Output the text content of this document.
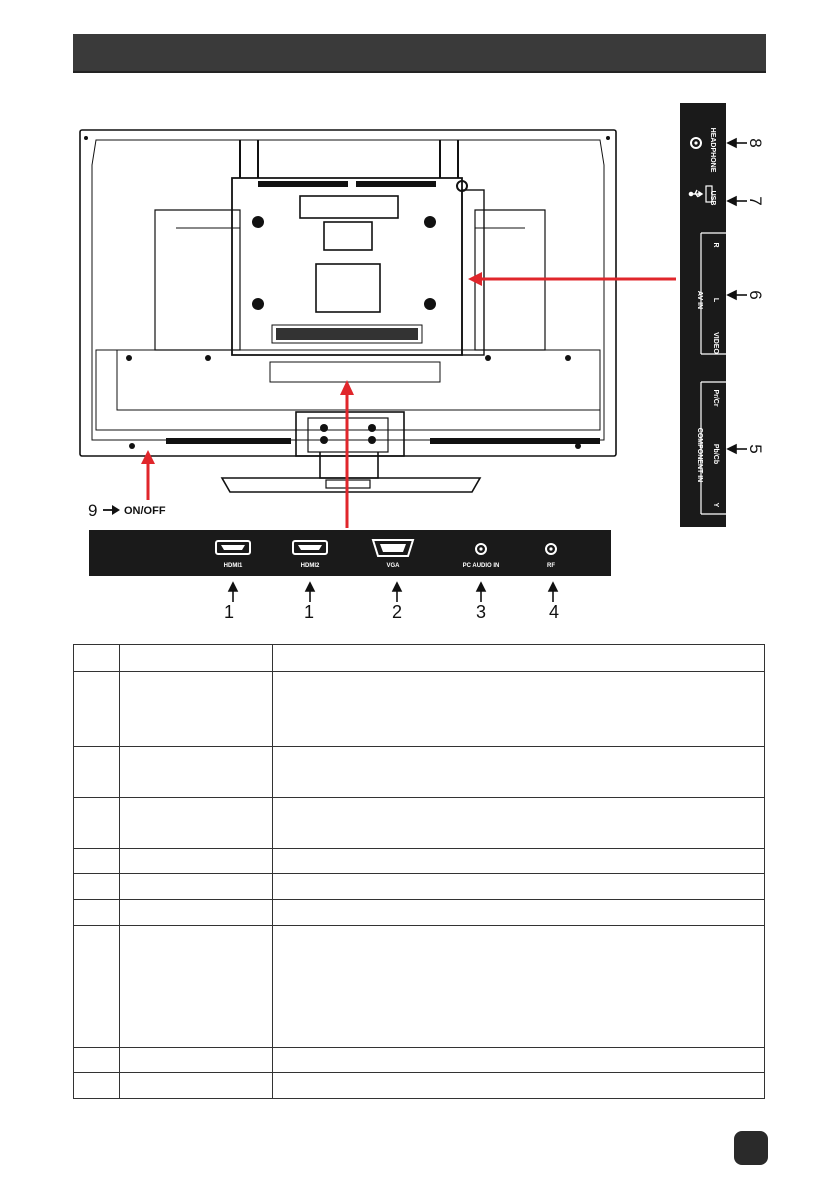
9 ON/OFF
HDMI1	HDMI2	VGA	PC AUDIO IN	RF
1	1	2	3	4
HEADPHONE
USB
AV IN
R
L
VIDEO
COMPONENT IN
Pr/Cr
Pb/Cb
Y
8
7
6
5
